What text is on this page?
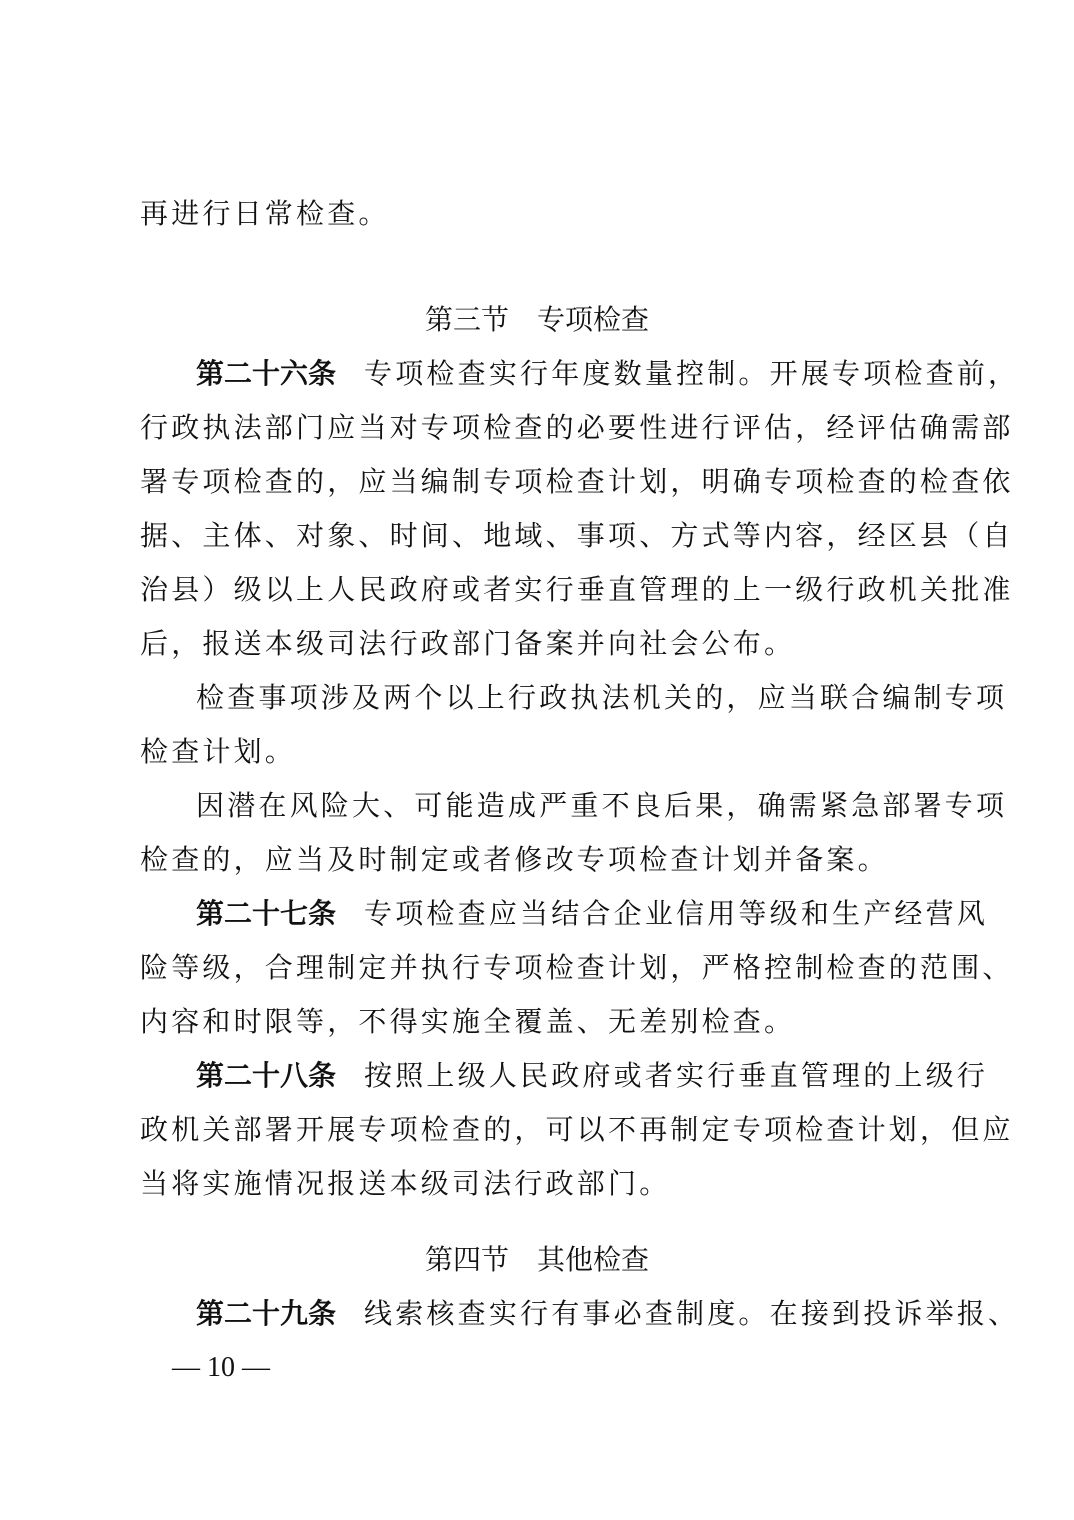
再进行日常检查。
第三节 专项检查
第二十六条 专项检查实行年度数量控制。开展专项检查前，
行政执法部门应当对专项检查的必要性进行评估，经评估确需部
署专项检查的，应当编制专项检查计划，明确专项检查的检查依
据、主体、对象、时间、地域、事项、方式等内容，经区县（自
治县）级以上人民政府或者实行垂直管理的上一级行政机关批准
后，报送本级司法行政部门备案并向社会公布。
检查事项涉及两个以上行政执法机关的，应当联合编制专项
检查计划。
因潜在风险大、可能造成严重不良后果，确需紧急部署专项
检查的，应当及时制定或者修改专项检查计划并备案。
第二十七条 专项检查应当结合企业信用等级和生产经营风
险等级，合理制定并执行专项检查计划，严格控制检查的范围、
内容和时限等，不得实施全覆盖、无差别检查。
第二十八条 按照上级人民政府或者实行垂直管理的上级行
政机关部署开展专项检查的，可以不再制定专项检查计划，但应
当将实施情况报送本级司法行政部门。
第四节 其他检查
第二十九条 线索核查实行有事必查制度。在接到投诉举报、
— 10 —
